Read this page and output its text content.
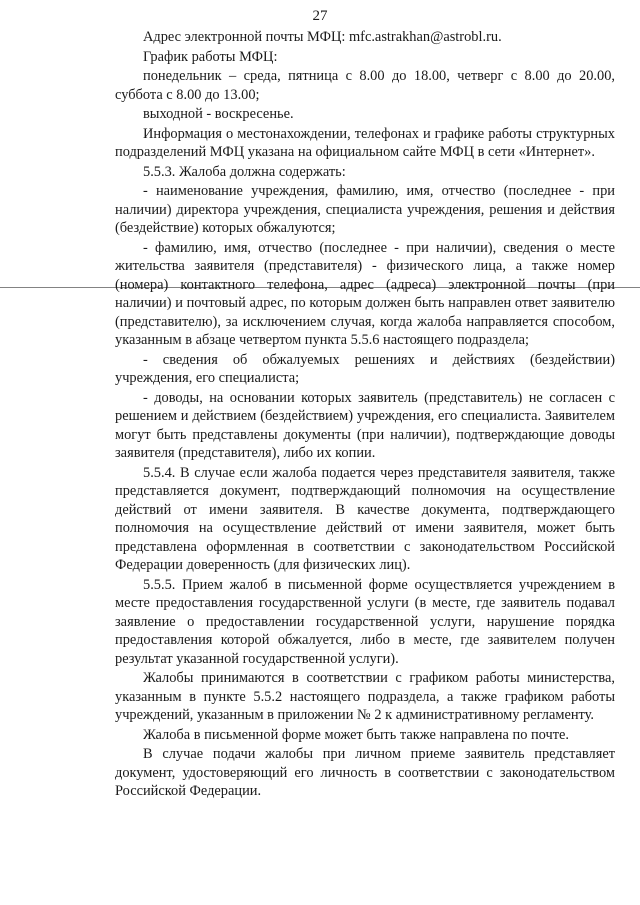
27

Адрес электронной почты МФЦ: mfc.astrakhan@astrobl.ru.

График работы МФЦ:

понедельник – среда, пятница с 8.00 до 18.00, четверг с 8.00 до 20.00, суббота с 8.00 до 13.00;

выходной - воскресенье.

Информация о местонахождении, телефонах и графике работы структурных подразделений МФЦ указана на официальном сайте МФЦ в сети «Интернет».

5.5.3. Жалоба должна содержать:

- наименование учреждения, фамилию, имя, отчество (последнее - при наличии) директора учреждения, специалиста учреждения, решения и действия (бездействие) которых обжалуются;

- фамилию, имя, отчество (последнее - при наличии), сведения о месте жительства заявителя (представителя) - физического лица, а также номер (номера) контактного телефона, адрес (адреса) электронной почты (при наличии) и почтовый адрес, по которым должен быть направлен ответ заявителю (представителю), за исключением случая, когда жалоба направляется способом, указанным в абзаце четвертом пункта 5.5.6 настоящего подраздела;

- сведения об обжалуемых решениях и действиях (бездействии) учреждения, его специалиста;

- доводы, на основании которых заявитель (представитель) не согласен с решением и действием (бездействием) учреждения, его специалиста. Заявителем могут быть представлены документы (при наличии), подтверждающие доводы заявителя (представителя), либо их копии.

5.5.4. В случае если жалоба подается через представителя заявителя, также представляется документ, подтверждающий полномочия на осуществление действий от имени заявителя. В качестве документа, подтверждающего полномочия на осуществление действий от имени заявителя, может быть представлена оформленная в соответствии с законодательством Российской Федерации доверенность (для физических лиц).

5.5.5. Прием жалоб в письменной форме осуществляется учреждением в месте предоставления государственной услуги (в месте, где заявитель подавал заявление о предоставлении государственной услуги, нарушение порядка предоставления которой обжалуется, либо в месте, где заявителем получен результат указанной государственной услуги).

Жалобы принимаются в соответствии с графиком работы министерства, указанным в пункте 5.5.2 настоящего подраздела, а также графиком работы учреждений, указанным в приложении № 2 к административному регламенту.

Жалоба в письменной форме может быть также направлена по почте.

В случае подачи жалобы при личном приеме заявитель представляет документ, удостоверяющий его личность в соответствии с законодательством Российской Федерации.
